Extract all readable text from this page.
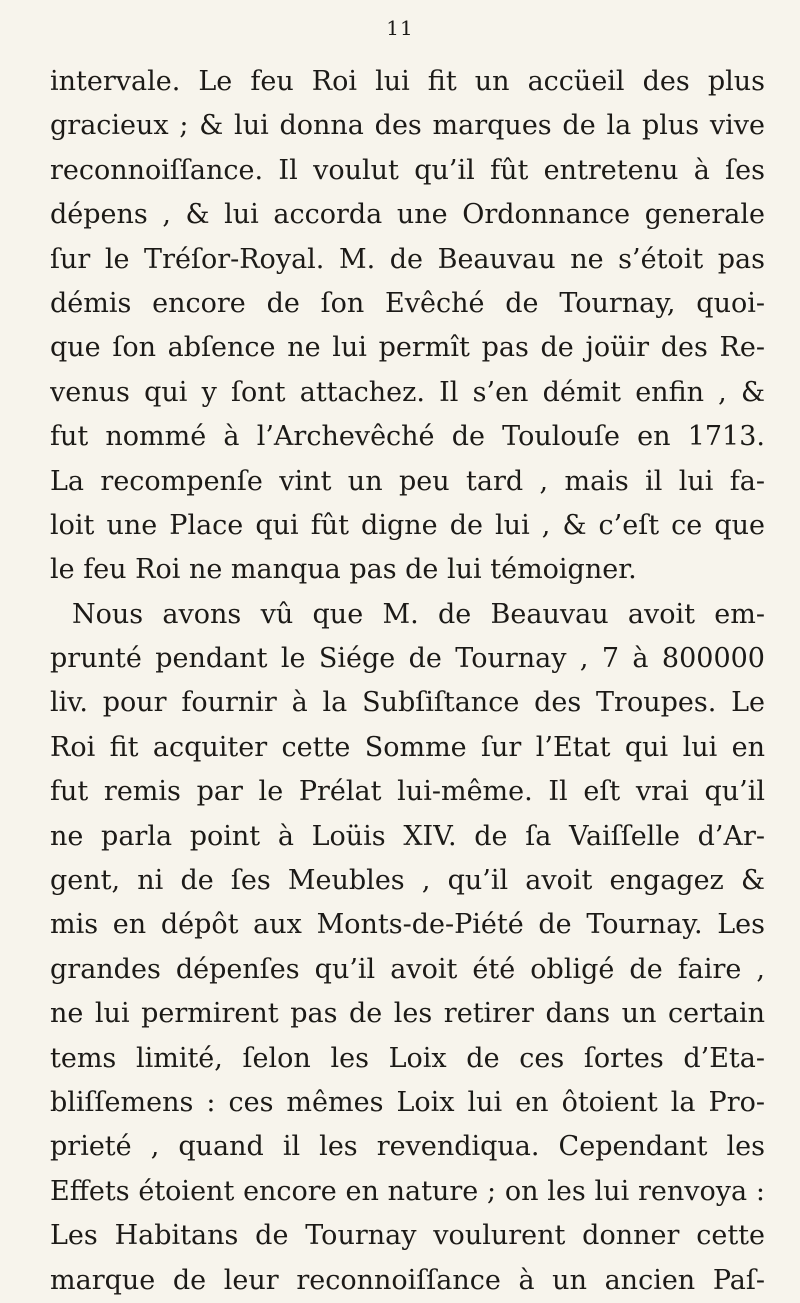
11
intervale. Le feu Roi lui fit un accüeil des plus
gracieux ; & lui donna des marques de la plus vive
reconnoiſſance. Il voulut qu’il fût entretenu à ſes
dépens , & lui accorda une Ordonnance generale
ſur le Tréſor-Royal. M. de Beauvau ne s’étoit pas
démis encore de ſon Evêché de Tournay, quoi-
que ſon abſence ne lui permît pas de joüir des Re-
venus qui y ſont attachez. Il s’en démit enfin , &
fut nommé à l’Archevêché de Toulouſe en 1713.
La recompenſe vint un peu tard , mais il lui fa-
loit une Place qui fût digne de lui , & c’eſt ce que
le feu Roi ne manqua pas de lui témoigner.
Nous avons vû que M. de Beauvau avoit em-
prunté pendant le Siége de Tournay , 7 à 800000
liv. pour fournir à la Subſiſtance des Troupes. Le
Roi fit acquiter cette Somme ſur l’Etat qui lui en
fut remis par le Prélat lui-même. Il eſt vrai qu’il
ne parla point à Loüis XIV. de ſa Vaiſſelle d’Ar-
gent, ni de ſes Meubles , qu’il avoit engagez &
mis en dépôt aux Monts-de-Piété de Tournay. Les
grandes dépenſes qu’il avoit été obligé de faire ,
ne lui permirent pas de les retirer dans un certain
tems limité, ſelon les Loix de ces ſortes d’Eta-
bliſſemens : ces mêmes Loix lui en ôtoient la Pro-
prieté , quand il les revendiqua. Cependant les
Effets étoient encore en nature ; on les lui renvoya :
Les Habitans de Tournay voulurent donner cette
marque de leur reconnoiſſance à un ancien Paſ-
